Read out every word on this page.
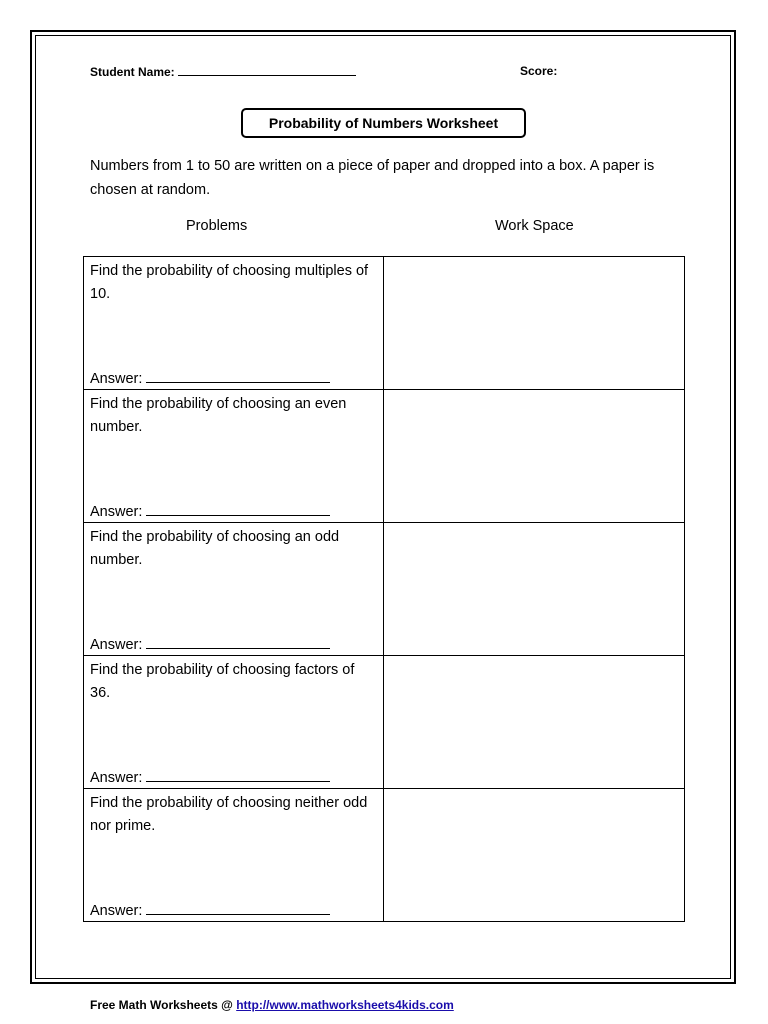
Student Name:	Score:
Probability of Numbers Worksheet
Numbers from 1 to 50 are written on a piece of paper and dropped into a box. A paper is chosen at random.
Problems	Work Space
Find the probability of choosing multiples of 10.
Answer:	

Find the probability of choosing an even number.
Answer:	

Find the probability of choosing an odd number.
Answer:	

Find the probability of choosing factors of 36.
Answer:	

Find the probability of choosing neither odd nor prime.
Answer:	

Free Math Worksheets @ http://www.mathworksheets4kids.com
